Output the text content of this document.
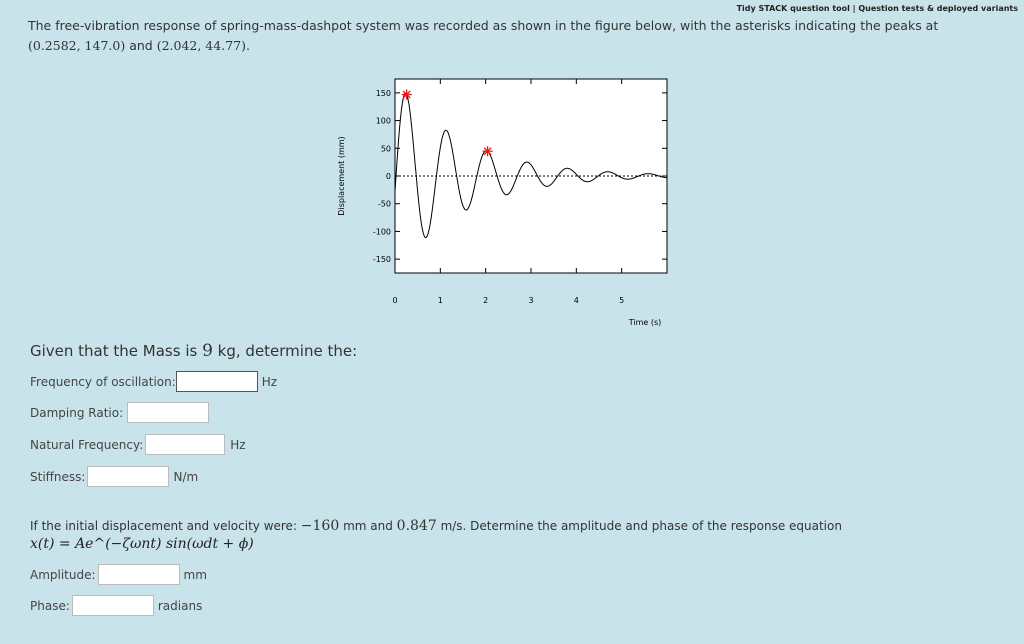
Tidy STACK question tool | Question tests & deployed variants
The free-vibration response of spring-mass-dashpot system was recorded as shown in the figure below, with the asterisks indicating the peaks at
(0.2582, 147.0) and (2.042, 44.77).
150
100
50
0
-50
-100
-150
0	1	2	3	4	5
Time (s)
Displacement (mm)
Given that the Mass is 9 kg, determine the:
Frequency of oscillation:	Hz
Damping Ratio:
Natural Frequency:	Hz
Stiffness:	N/m
If the initial displacement and velocity were: −160 mm and 0.847 m/s. Determine the amplitude and phase of the response equation
x(t) = Ae^(−ζωnt) sin(ωdt + ϕ)
Amplitude:	mm
Phase:	radians
